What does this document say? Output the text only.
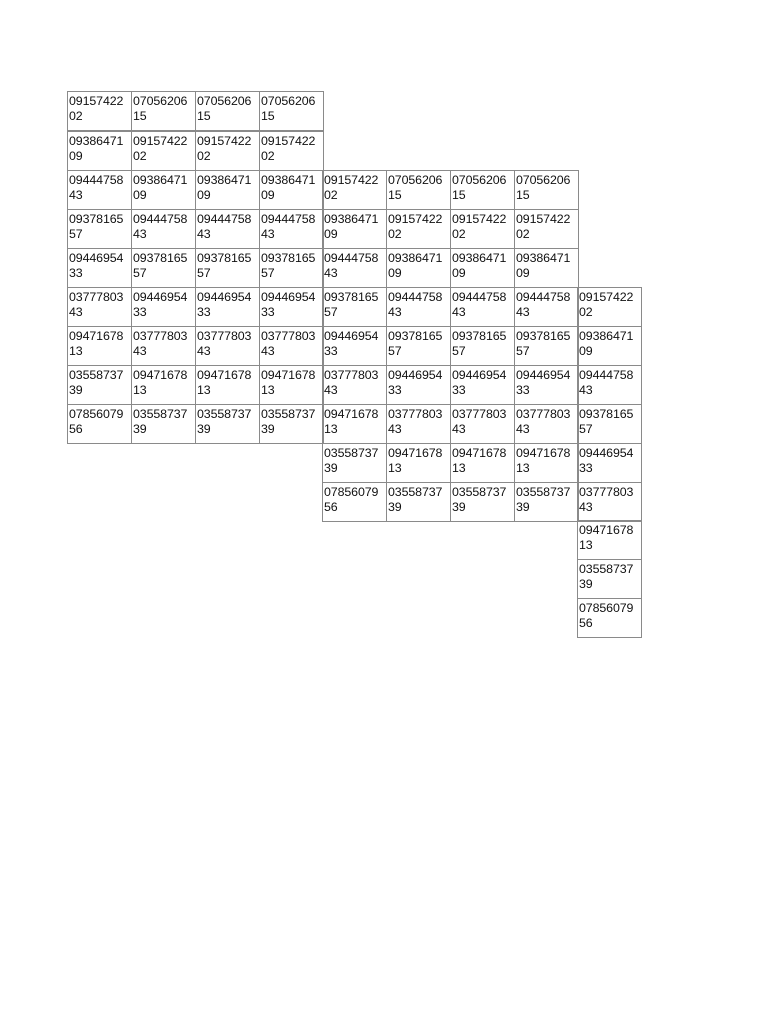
09157422
02
07056206
15
07056206
15
07056206
15
09386471
09
09157422
02
09157422
02
09157422
02
09444758
43
09386471
09
09386471
09
09386471
09
09157422
02
07056206
15
07056206
15
07056206
15
09378165
57
09444758
43
09444758
43
09444758
43
09386471
09
09157422
02
09157422
02
09157422
02
09446954
33
09378165
57
09378165
57
09378165
57
09444758
43
09386471
09
09386471
09
09386471
09
03777803
43
09446954
33
09446954
33
09446954
33
09378165
57
09444758
43
09444758
43
09444758
43
09157422
02
09471678
13
03777803
43
03777803
43
03777803
43
09446954
33
09378165
57
09378165
57
09378165
57
09386471
09
03558737
39
09471678
13
09471678
13
09471678
13
03777803
43
09446954
33
09446954
33
09446954
33
09444758
43
07856079
56
03558737
39
03558737
39
03558737
39
09471678
13
03777803
43
03777803
43
03777803
43
09378165
57
03558737
39
09471678
13
09471678
13
09471678
13
09446954
33
07856079
56
03558737
39
03558737
39
03558737
39
03777803
43
09471678
13
03558737
39
07856079
56
